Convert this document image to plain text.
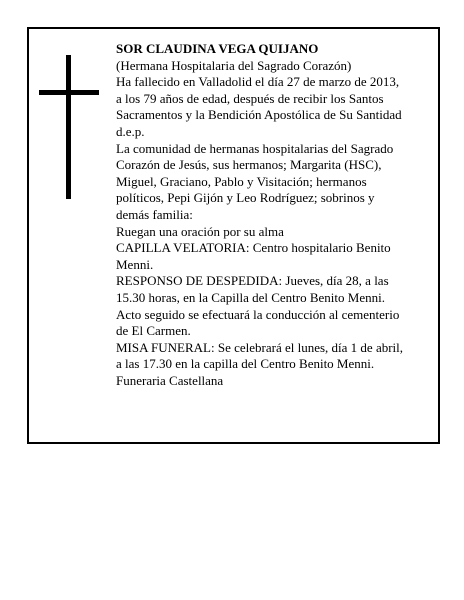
SOR CLAUDINA VEGA QUIJANO

(Hermana Hospitalaria del Sagrado Corazón)

Ha fallecido en Valladolid el día 27 de marzo de 2013,
a los 79 años de edad, después de recibir los Santos
Sacramentos y la Bendición Apostólica de Su Santidad
d.e.p.

La comunidad de hermanas hospitalarias del Sagrado
Corazón de Jesús, sus hermanos; Margarita (HSC),
Miguel, Graciano, Pablo y Visitación; hermanos
políticos, Pepi Gijón y Leo Rodríguez; sobrinos y
demás familia:

Ruegan una oración por su alma

CAPILLA VELATORIA: Centro hospitalario Benito
Menni.

RESPONSO DE DESPEDIDA: Jueves, día 28, a las
15.30 horas, en la Capilla del Centro Benito Menni.
Acto seguido se efectuará la conducción al cementerio
de El Carmen.

MISA FUNERAL: Se celebrará el lunes, día 1 de abril,
a las 17.30 en la capilla del Centro Benito Menni.

Funeraria Castellana
